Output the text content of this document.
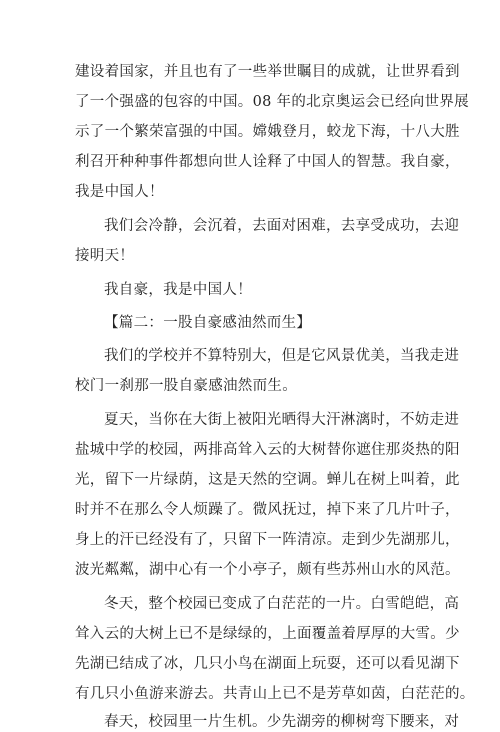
建设着国家，并且也有了一些举世瞩目的成就，让世界看到
了一个强盛的包容的中国。08 年的北京奥运会已经向世界展
示了一个繁荣富强的中国。嫦娥登月，蛟龙下海，十八大胜
利召开种种事件都想向世人诠释了中国人的智慧。我自豪，
我是中国人！
我们会冷静，会沉着，去面对困难，去享受成功，去迎
接明天！
我自豪，我是中国人！
【篇二：一股自豪感油然而生】
我们的学校并不算特别大，但是它风景优美，当我走进
校门一刹那一股自豪感油然而生。
夏天，当你在大街上被阳光晒得大汗淋漓时，不妨走进
盐城中学的校园，两排高耸入云的大树替你遮住那炎热的阳
光，留下一片绿荫，这是天然的空调。蝉儿在树上叫着，此
时并不在那么令人烦躁了。微风抚过，掉下来了几片叶子，
身上的汗已经没有了，只留下一阵清凉。走到少先湖那儿，
波光粼粼，湖中心有一个小亭子，颇有些苏州山水的风范。
冬天，整个校园已变成了白茫茫的一片。白雪皑皑，高
耸入云的大树上已不是绿绿的，上面覆盖着厚厚的大雪。少
先湖已结成了冰，几只小鸟在湖面上玩耍，还可以看见湖下
有几只小鱼游来游去。共青山上已不是芳草如茵，白茫茫的。
春天，校园里一片生机。少先湖旁的柳树弯下腰来，对
